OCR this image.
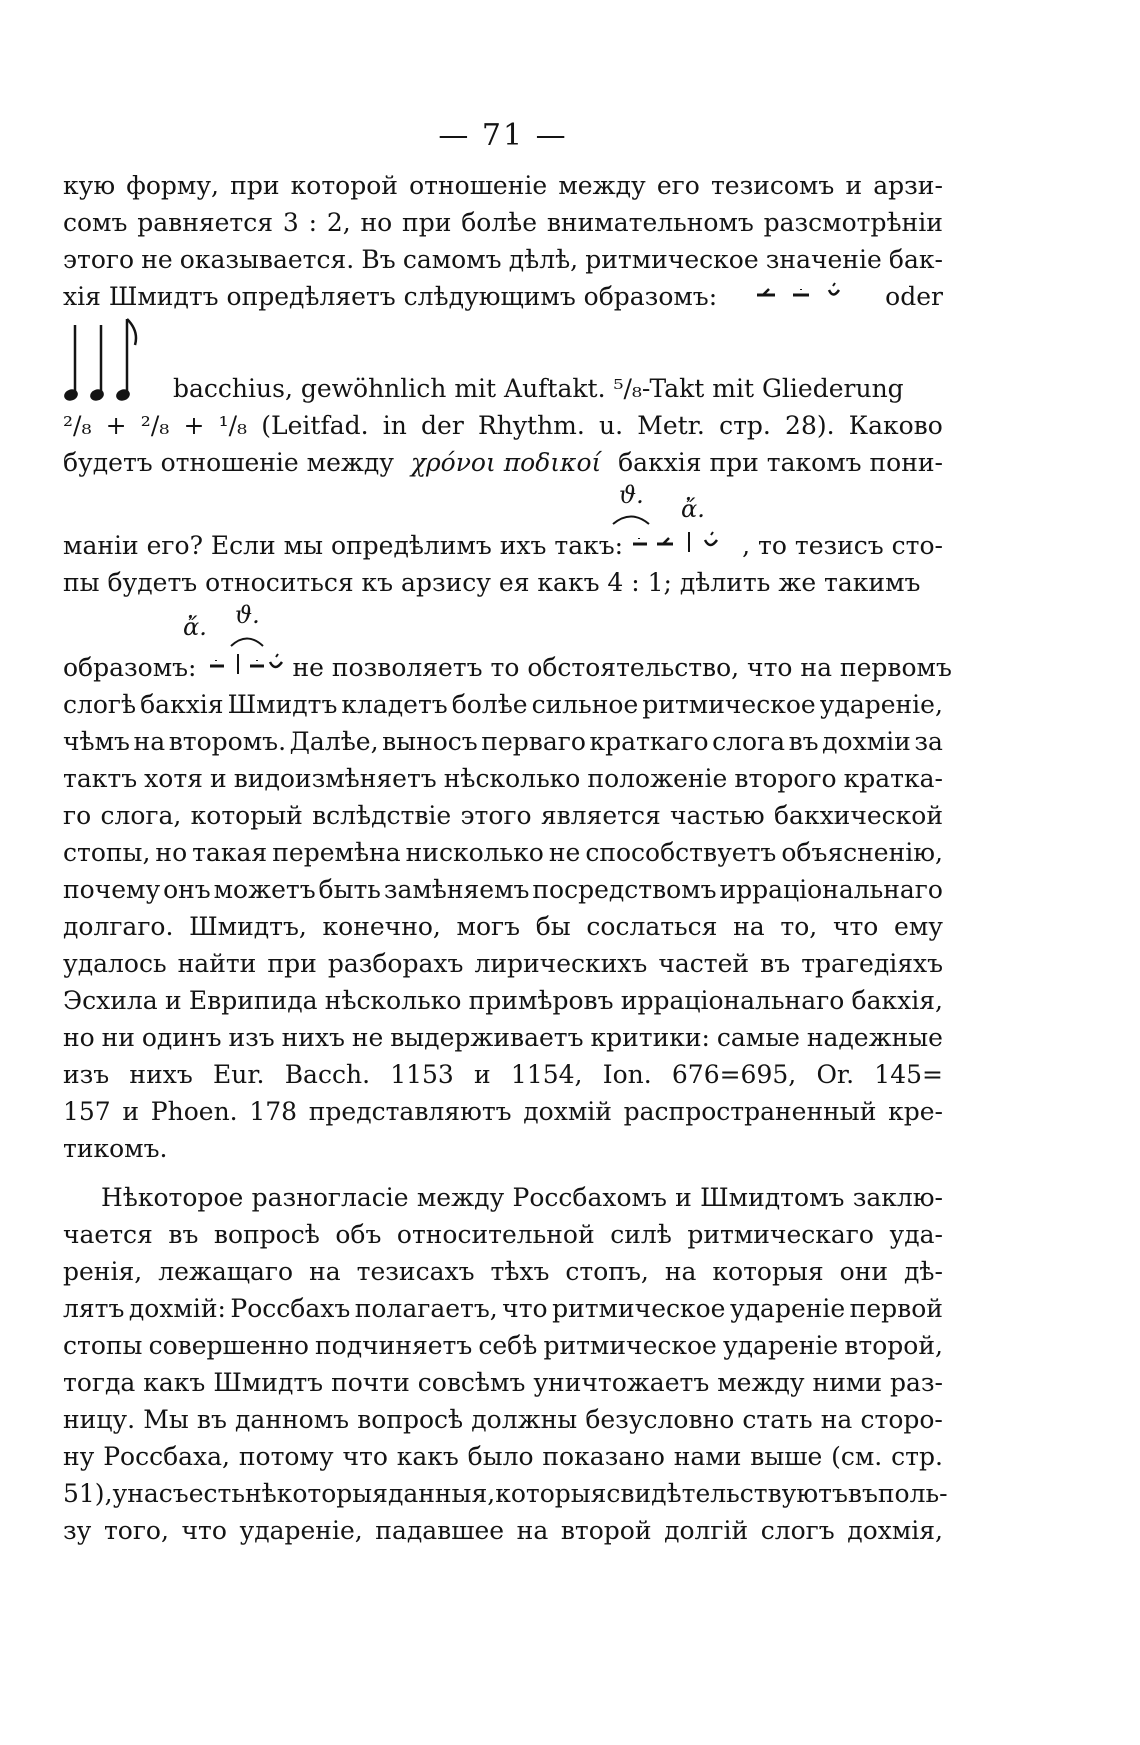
— 71 —
кую форму, при которой отношеніе между его тезисомъ и арзи-
сомъ равняется 3 : 2, но при болѣе внимательномъ разсмотрѣніи
этого не оказывается. Въ самомъ дѣлѣ, ритмическое значеніе бак-
хія Шмидтъ опредѣляетъ слѣдующимъ образомъ:	oder
bacchius, gewöhnlich mit Auftakt. ⁵/₈-Takt mit Gliederung
²/₈ + ²/₈ + ¹/₈ (Leitfad. in der Rhythm. u. Metr. стр. 28). Каково
будетъ отношеніе между χρόνοι ποδικοί бакхія при такомъ пони-
ϑ. ἄ.
маніи его? Если мы опредѣлимъ ихъ такъ:	, то тезисъ сто-
пы будетъ относиться къ арзису ея какъ 4 : 1; дѣлить же такимъ
ἄ. ϑ.
образомъ:	не позволяетъ то обстоятельство, что на первомъ
слогѣ бакхія Шмидтъ кладетъ болѣе сильное ритмическое удареніе,
чѣмъ на второмъ. Далѣе, выносъ перваго краткаго слога въ дохміи за
тактъ хотя и видоизмѣняетъ нѣсколько положеніе второго кратка-
го слога, который вслѣдствіе этого является частью бакхической
стопы, но такая перемѣна нисколько не способствуетъ объясненію,
почему онъ можетъ быть замѣняемъ посредствомъ ирраціональнаго
долгаго. Шмидтъ, конечно, могъ бы сослаться на то, что ему
удалось найти при разборахъ лирическихъ частей въ трагедіяхъ
Эсхила и Еврипида нѣсколько примѣровъ ирраціональнаго бакхія,
но ни одинъ изъ нихъ не выдерживаетъ критики: самые надежные
изъ нихъ Eur. Bacch. 1153 и 1154, Ion. 676=695, Or. 145=
157 и Phoen. 178 представляютъ дохмій распространенный кре-
тикомъ.
Нѣкоторое разногласіе между Россбахомъ и Шмидтомъ заклю-
чается въ вопросѣ объ относительной силѣ ритмическаго уда-
ренія, лежащаго на тезисахъ тѣхъ стопъ, на которыя они дѣ-
лятъ дохмій: Россбахъ полагаетъ, что ритмическое удареніе первой
стопы совершенно подчиняетъ себѣ ритмическое удареніе второй,
тогда какъ Шмидтъ почти совсѣмъ уничтожаетъ между ними раз-
ницу. Мы въ данномъ вопросѣ должны безусловно стать на сторо-
ну Россбаха, потому что какъ было показано нами выше (см. стр.
51), у насъ есть нѣкоторыя данныя, которыя свидѣтельствуютъ въ поль-
зу того, что удареніе, падавшее на второй долгій слогъ дохмія,
